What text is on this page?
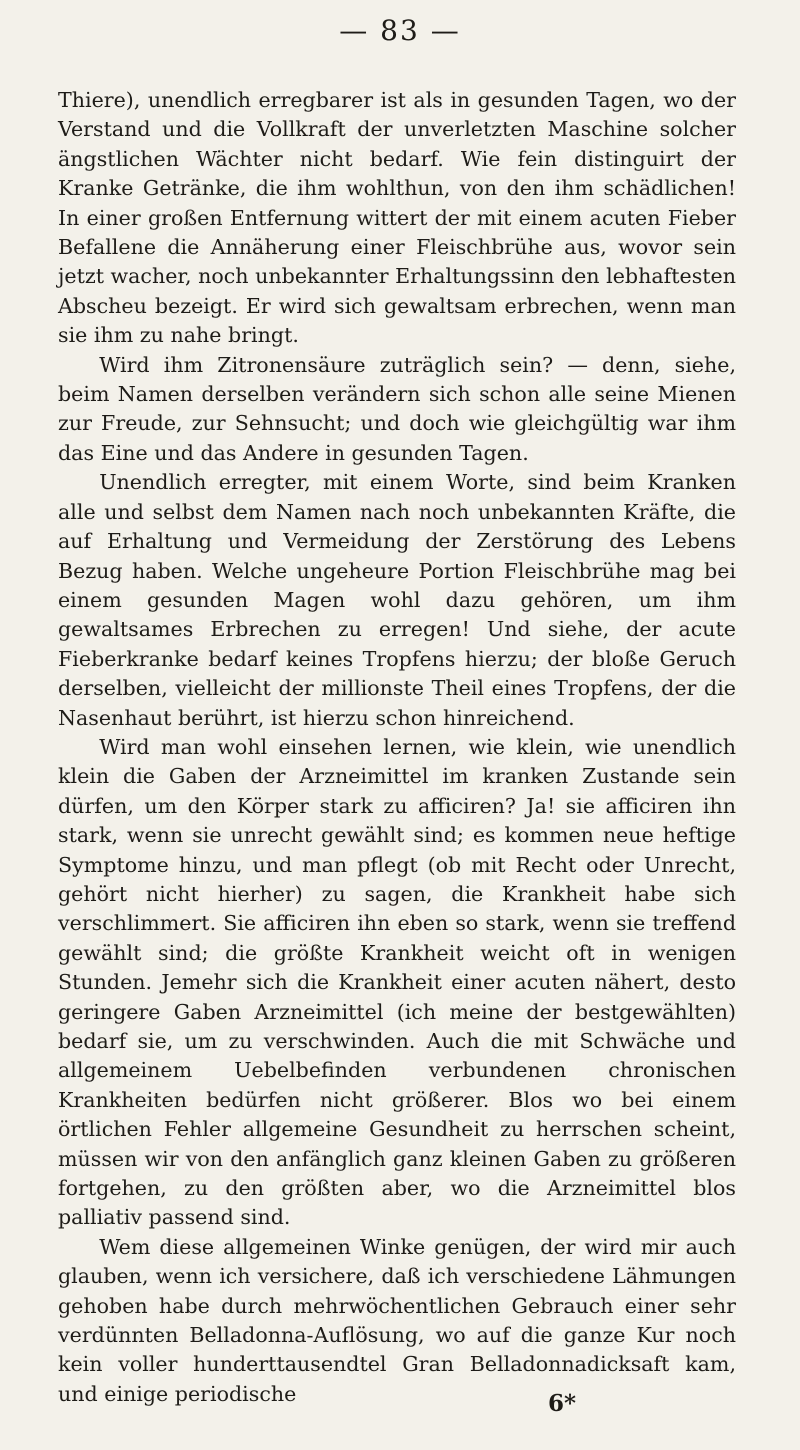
— 83 —

Thiere), unendlich erregbarer ist als in gesunden Tagen, wo der Verstand und die Vollkraft der unverletzten Maschine solcher ängstlichen Wächter nicht bedarf. Wie fein distinguirt der Kranke Getränke, die ihm wohlthun, von den ihm schädlichen! In einer großen Entfernung wittert der mit einem acuten Fieber Befallene die Annäherung einer Fleischbrühe aus, wovor sein jetzt wacher, noch unbekannter Erhaltungssinn den lebhaftesten Abscheu bezeigt. Er wird sich gewaltsam erbrechen, wenn man sie ihm zu nahe bringt.

Wird ihm Zitronensäure zuträglich sein? — denn, siehe, beim Namen derselben verändern sich schon alle seine Mienen zur Freude, zur Sehnsucht; und doch wie gleichgültig war ihm das Eine und das Andere in gesunden Tagen.

Unendlich erregter, mit einem Worte, sind beim Kranken alle und selbst dem Namen nach noch unbekannten Kräfte, die auf Erhaltung und Vermeidung der Zerstörung des Lebens Bezug haben. Welche ungeheure Portion Fleischbrühe mag bei einem gesunden Magen wohl dazu gehören, um ihm gewaltsames Erbrechen zu erregen! Und siehe, der acute Fieberkranke bedarf keines Tropfens hierzu; der bloße Geruch derselben, vielleicht der millionste Theil eines Tropfens, der die Nasenhaut berührt, ist hierzu schon hinreichend.

Wird man wohl einsehen lernen, wie klein, wie unendlich klein die Gaben der Arzneimittel im kranken Zustande sein dürfen, um den Körper stark zu afficiren? Ja! sie afficiren ihn stark, wenn sie unrecht gewählt sind; es kommen neue heftige Symptome hinzu, und man pflegt (ob mit Recht oder Unrecht, gehört nicht hierher) zu sagen, die Krankheit habe sich verschlimmert. Sie afficiren ihn eben so stark, wenn sie treffend gewählt sind; die größte Krankheit weicht oft in wenigen Stunden. Jemehr sich die Krankheit einer acuten nähert, desto geringere Gaben Arzneimittel (ich meine der bestgewählten) bedarf sie, um zu verschwinden. Auch die mit Schwäche und allgemeinem Uebelbefinden verbundenen chronischen Krankheiten bedürfen nicht größerer. Blos wo bei einem örtlichen Fehler allgemeine Gesundheit zu herrschen scheint, müssen wir von den anfänglich ganz kleinen Gaben zu größeren fortgehen, zu den größten aber, wo die Arzneimittel blos palliativ passend sind.

Wem diese allgemeinen Winke genügen, der wird mir auch glauben, wenn ich versichere, daß ich verschiedene Lähmungen gehoben habe durch mehrwöchentlichen Gebrauch einer sehr verdünnten Belladonna-Auflösung, wo auf die ganze Kur noch kein voller hunderttausendtel Gran Belladonnadicksaft kam, und einige periodische	6*
